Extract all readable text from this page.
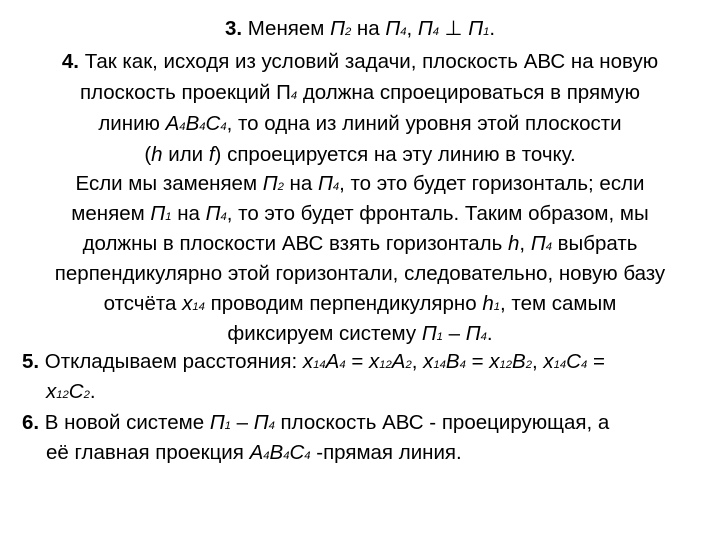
3. Меняем П2 на П4, П4 ⊥ П1.
4. Так как, исходя из условий задачи, плоскость АВС на новую
плоскость проекций П4 должна спроецироваться в прямую
линию А4В4С4, то одна из линий уровня этой плоскости
(h или f) спроецируется на эту линию в точку.
Если мы заменяем П2 на П4, то это будет горизонталь; если
меняем П1 на П4, то это будет фронталь. Таким образом, мы
должны в плоскости АВС взять горизонталь h, П4 выбрать
перпендикулярно этой горизонтали, следовательно, новую базу
отсчёта x14 проводим перпендикулярно h1, тем самым
фиксируем систему П1 – П4.
5. Откладываем расстояния: x14A4 = x12A2, x14B4 = x12B2, x14C4 =
x12C2.
6. В новой системе П1 – П4 плоскость АВС - проецирующая, а
её главная проекция А4В4С4 -прямая линия.
